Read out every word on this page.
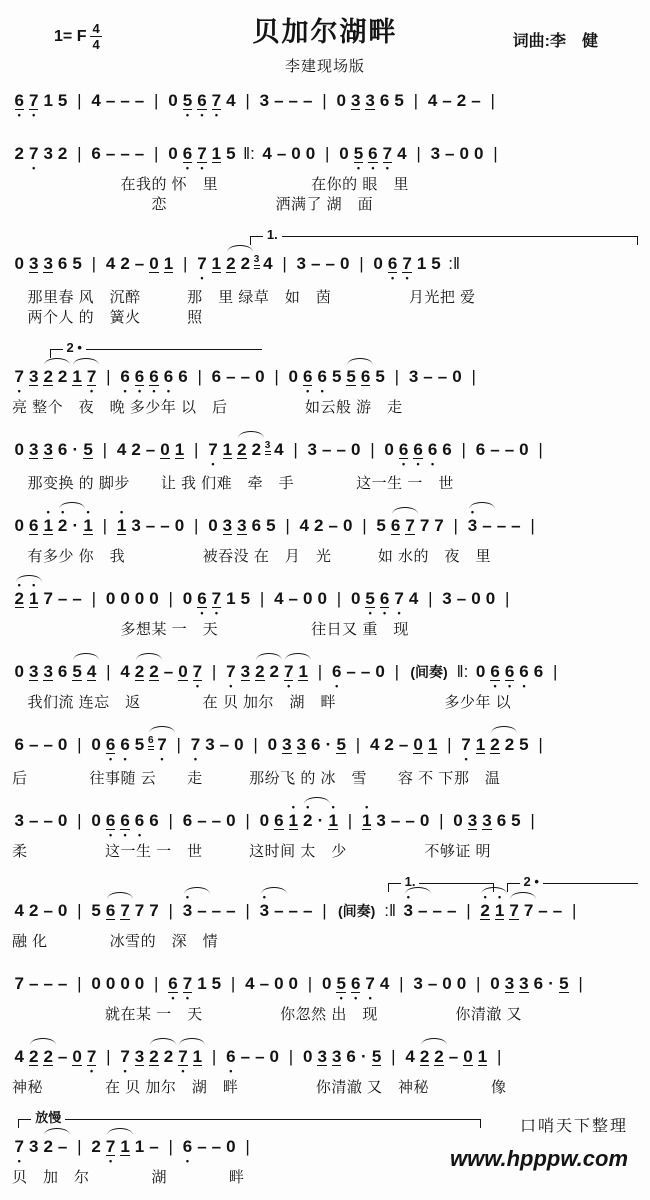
1= F $\frac{4}{4}$	贝加尔湖畔
李建现场版
词曲:李　健
6 • 7 • 1 5 | 4 – – – | 0 5 • 6 • 7 • 4 | 3 – – – | 0 3 3 6 5 | 4 – 2 – |
2 7 • 3 2 | 6 – – – | 0 6 • 7 • 1 5 ‖: 4 – 0 0 | 0 5 • 6 • 7 • 4 | 3 – 0 0 |
　　　　　　　在我的 怀　里　　　　　　在你的 眼　里
　　　　　　　　　恋　　　　　　　洒满了 湖　面
1.
0 3 3 6 5 | 4 2 – 0 1 | 7 • 1 2 2 3 4 | 3 – – 0 | 0 6 • 7 • 1 5 :‖
　那里春 风　沉醉　　　那　里 绿草　如　茵　　　　　月光把 爱
　两个人 的　簧火　　　照
2 •
7 • 3 2 2 1 7 • | 6 • 6 • 6 • 6 • 6 | 6 – – 0 | 0 6 • 6 • 5 5 6 5 | 3 – – 0 |
亮 整个　夜　晚 多少年 以　后　　　　　如云般 游　走
0 3 3 6 · 5 | 4 2 – 0 1 | 7 • 1 2 2 3 4 | 3 – – 0 | 0 6 • 6 • 6 • 6 | 6 – – 0 |
　那变换 的 脚步　　让 我 们难　牵　手　　　　这一生 一　世
0 6 • 1 • 2 · • 1 | • 1 3 – – 0 | 0 3 3 6 5 | 4 2 – 0 | 5 6 7 7 7 | • 3 – – – |
　有多少 你　我　　　　　被吞没 在　月　光　　　如 水的　夜　里
• 2 • 1 7 – – | 0 0 0 0 | 0 6 • 7 • 1 5 | 4 – 0 0 | 0 5 • 6 • 7 • 4 | 3 – 0 0 |
　　　　　　　多想某 一　天　　　　　　往日又 重　现
0 3 3 6 5 4 | 4 2 2 – 0 7 • | 7 • 3 2 2 7
• 1 | 6 • – – 0 | (间奏) ‖: 0 6 • 6 • 6 • 6 |
　我们流 连忘　返　　　　在 贝 加尔　湖　畔　　　　　　　多少年 以
6 – – 0 | 0 6 • 6 • 5 6 7 • | 7 • 3 – 0 | 0 3 3 6 · 5 | 4 2 – 0 1 | 7 • 1 2 2 5 |
后　　　　往事随 云　　走　　　那纷飞 的 冰　雪　　容 不 下那　温
3 – – 0 | 0 6 • 6 • 6 • 6 | 6 – – 0 | 0 6 • 1 • 2 · • 1 | • 1 3 – – 0 | 0 3 3 6 5 |
柔　　　　　这一生 一　世　　　这时间 太　少　　　　　不够证 明
1.	2 •
4 2 – 0 | 5 6 7 7 7 | • 3 – – – | • 3 – – – | (间奏) :‖ • 3 – – – | • 2 • 1 7 7 – – |
融 化　　　　冰雪的　深　情
7 – – – | 0 0 0 0 | 6 • 7 • 1 5 | 4 – 0 0 | 0 5 • 6 • 7 • 4 | 3 – 0 0 | 0 3 3 6 · 5 |
　　　　　　就在某 一　天　　　　　你忽然 出　现　　　　　你清澈 又
4 2 2 – 0 7 • | 7 • 3 2 2 7
• 1 | 6 • – – 0 | 0 3 3 6 · 5 | 4 2 2 – 0 1 |
神秘　　　　在 贝 加尔　湖　畔　　　　　你清澈 又　神秘　　　　像
放慢
7 • 3 2 – | 2 7
• 1 1 – | 6 • – – 0 |
贝　加　尔　　　　湖　　　　畔
口哨天下整理
www.hpppw.com
